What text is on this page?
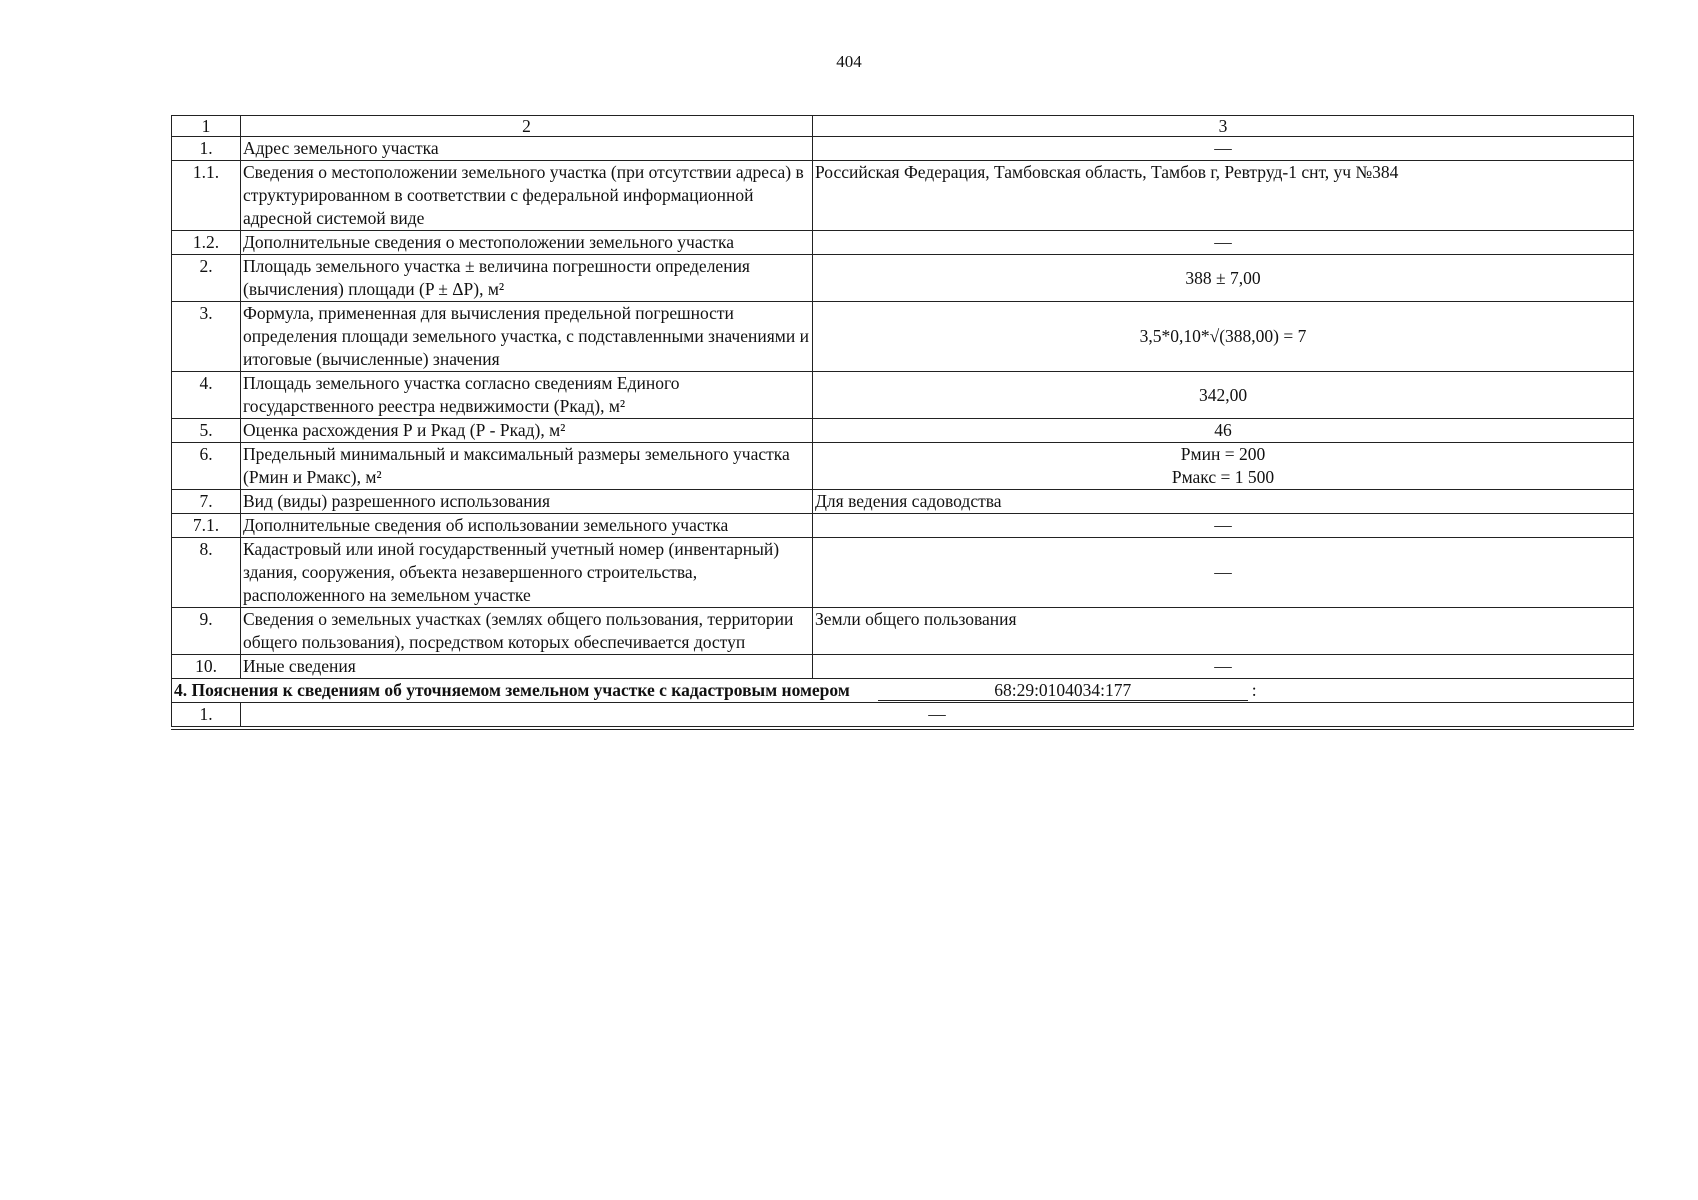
404
1	2	3
1.	Адрес земельного участка	—
1.1.	Сведения о местоположении земельного участка (при отсутствии адреса) в структурированном в соответствии с федеральной информационной адресной системой виде	Российская Федерация, Тамбовская область, Тамбов г, Ревтруд-1 снт, уч №384
1.2.	Дополнительные сведения о местоположении земельного участка	—
2.	Площадь земельного участка ± величина погрешности определения (вычисления) площади (P ± ΔP), м²	388 ± 7,00
3.	Формула, примененная для вычисления предельной погрешности определения площади земельного участка, с подставленными значениями и итоговые (вычисленные) значения	3,5*0,10*√(388,00) = 7
4.	Площадь земельного участка согласно сведениям Единого государственного реестра недвижимости (Ркад), м²	342,00
5.	Оценка расхождения Р и Ркад (Р - Ркад), м²	46
6.	Предельный минимальный и максимальный размеры земельного участка (Рмин и Рмакс), м²	Рмин = 200
Рмакс = 1 500

7.	Вид (виды) разрешенного использования	Для ведения садоводства
7.1.	Дополнительные сведения об использовании земельного участка	—
8.	Кадастровый или иной государственный учетный номер (инвентарный) здания, сооружения, объекта незавершенного строительства, расположенного на земельном участке	—
9.	Сведения о земельных участках (землях общего пользования, территории общего пользования), посредством которых обеспечивается доступ	Земли общего пользования
10.	Иные сведения	—
4. Пояснения к сведениям об уточняемом земельном участке с кадастровым номером 68:29:0104034:177 :		
1.	—	
